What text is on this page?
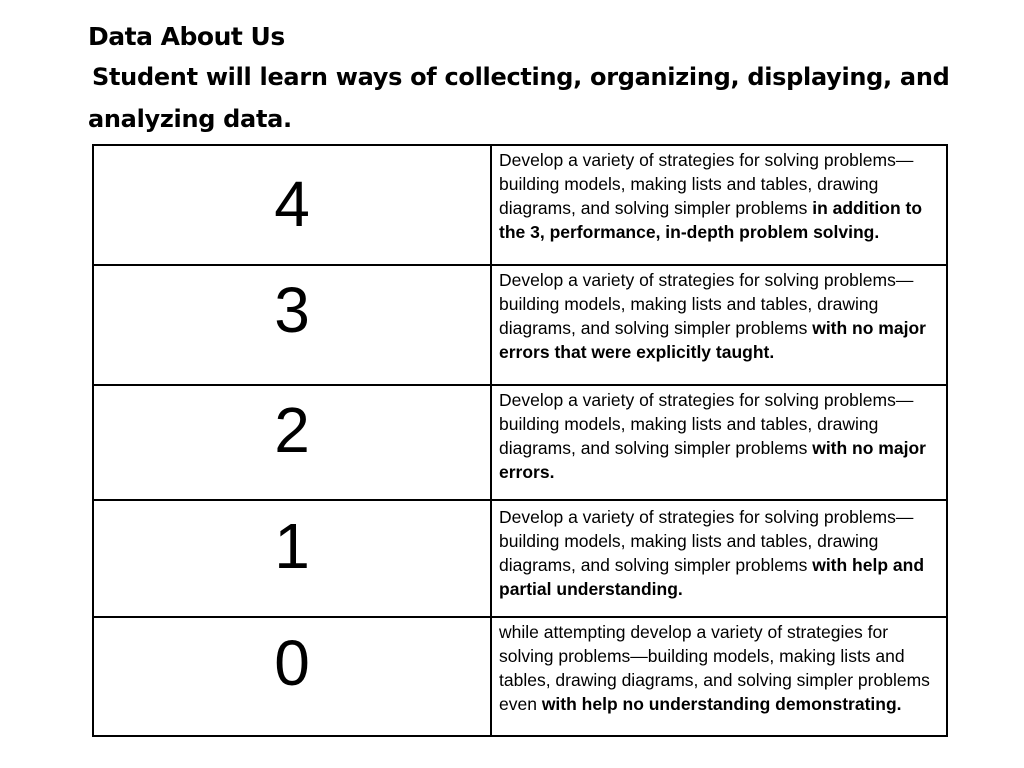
Data About Us
Student will learn ways of collecting, organizing, displaying, and analyzing data.
4	Develop a variety of strategies for solving problems—building models, making lists and tables, drawing diagrams, and solving simpler problems in addition to the 3, performance, in-depth problem solving.

3	Develop a variety of strategies for solving problems—building models, making lists and tables, drawing diagrams, and solving simpler problems with no major errors that were explicitly taught.

2	Develop a variety of strategies for solving problems—building models, making lists and tables, drawing diagrams, and solving simpler problems with no major errors.

1	Develop a variety of strategies for solving problems—building models, making lists and tables, drawing diagrams, and solving simpler problems with help and partial understanding.

0	while attempting develop a variety of strategies for solving problems—building models, making lists and tables, drawing diagrams, and solving simpler problems even with help no understanding demonstrating.
